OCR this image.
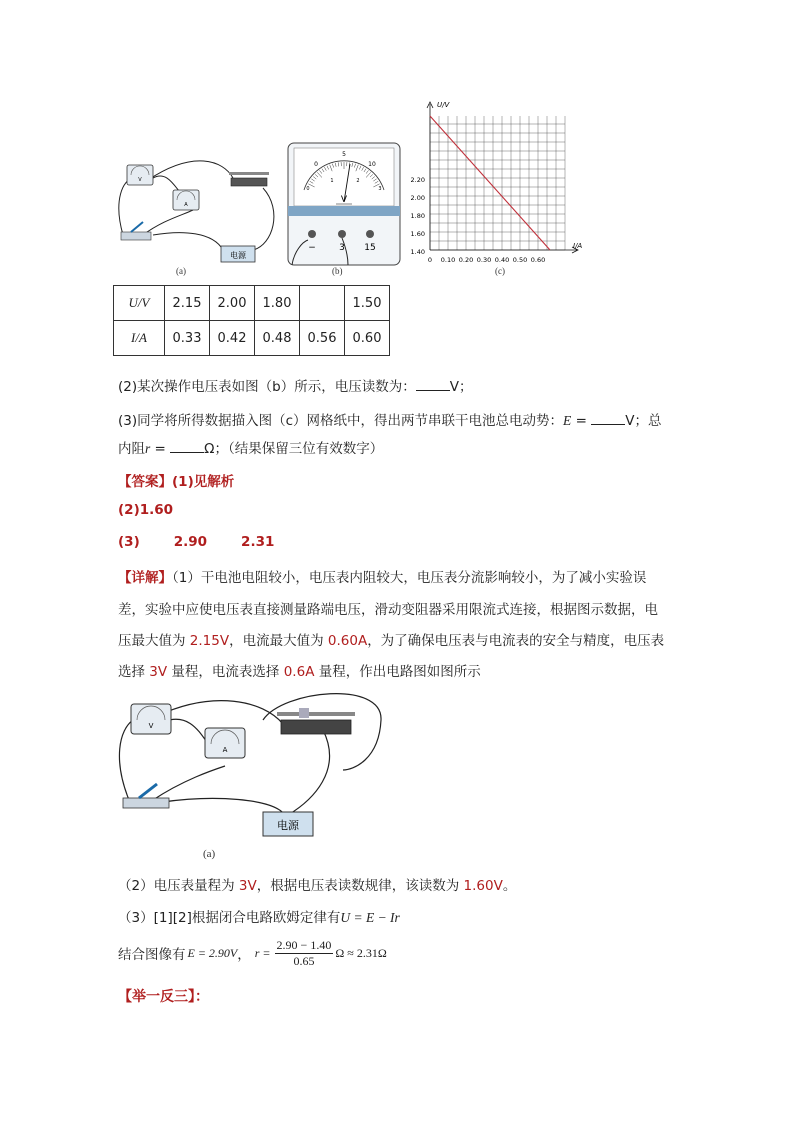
V
A
电源
(a)
0
5
10
0
1	2
3
V
−	3 15
(b)
U/V
I/A
2.20
2.00
1.80
1.60
1.40
0 0.10 0.20 0.30 0.40 0.50 0.60
(c)
U/V	2.15	2.00	1.80		1.50
I/A	0.33	0.42	0.48	0.56	0.60
(2)某次操作电压表如图（b）所示，电压读数为：	V；
(3)同学将所得数据描入图（c）网格纸中，得出两节串联干电池总电动势：E =	V；总
内阻r =	Ω；（结果保留三位有效数字）
【答案】(1)见解析
(2)1.60
(3)	2.90	2.31
【详解】（1）干电池电阻较小，电压表内阻较大，电压表分流影响较小，为了减小实验误
差，实验中应使电压表直接测量路端电压，滑动变阻器采用限流式连接，根据图示数据，电
压最大值为 2.15V，电流最大值为 0.60A，为了确保电压表与电流表的安全与精度，电压表
选择 3V 量程，电流表选择 0.6A 量程，作出电路图如图所示
V
A
电源
(a)
（2）电压表量程为 3V，根据电压表读数规律，该读数为 1.60V。
（3）[1][2]根据闭合电路欧姆定律有U = E − Ir
结合图像有 E = 2.90V ， $r = \frac{2.90 - 1.40}{0.65}$ Ω ≈ 2.31Ω
【举一反三】：
